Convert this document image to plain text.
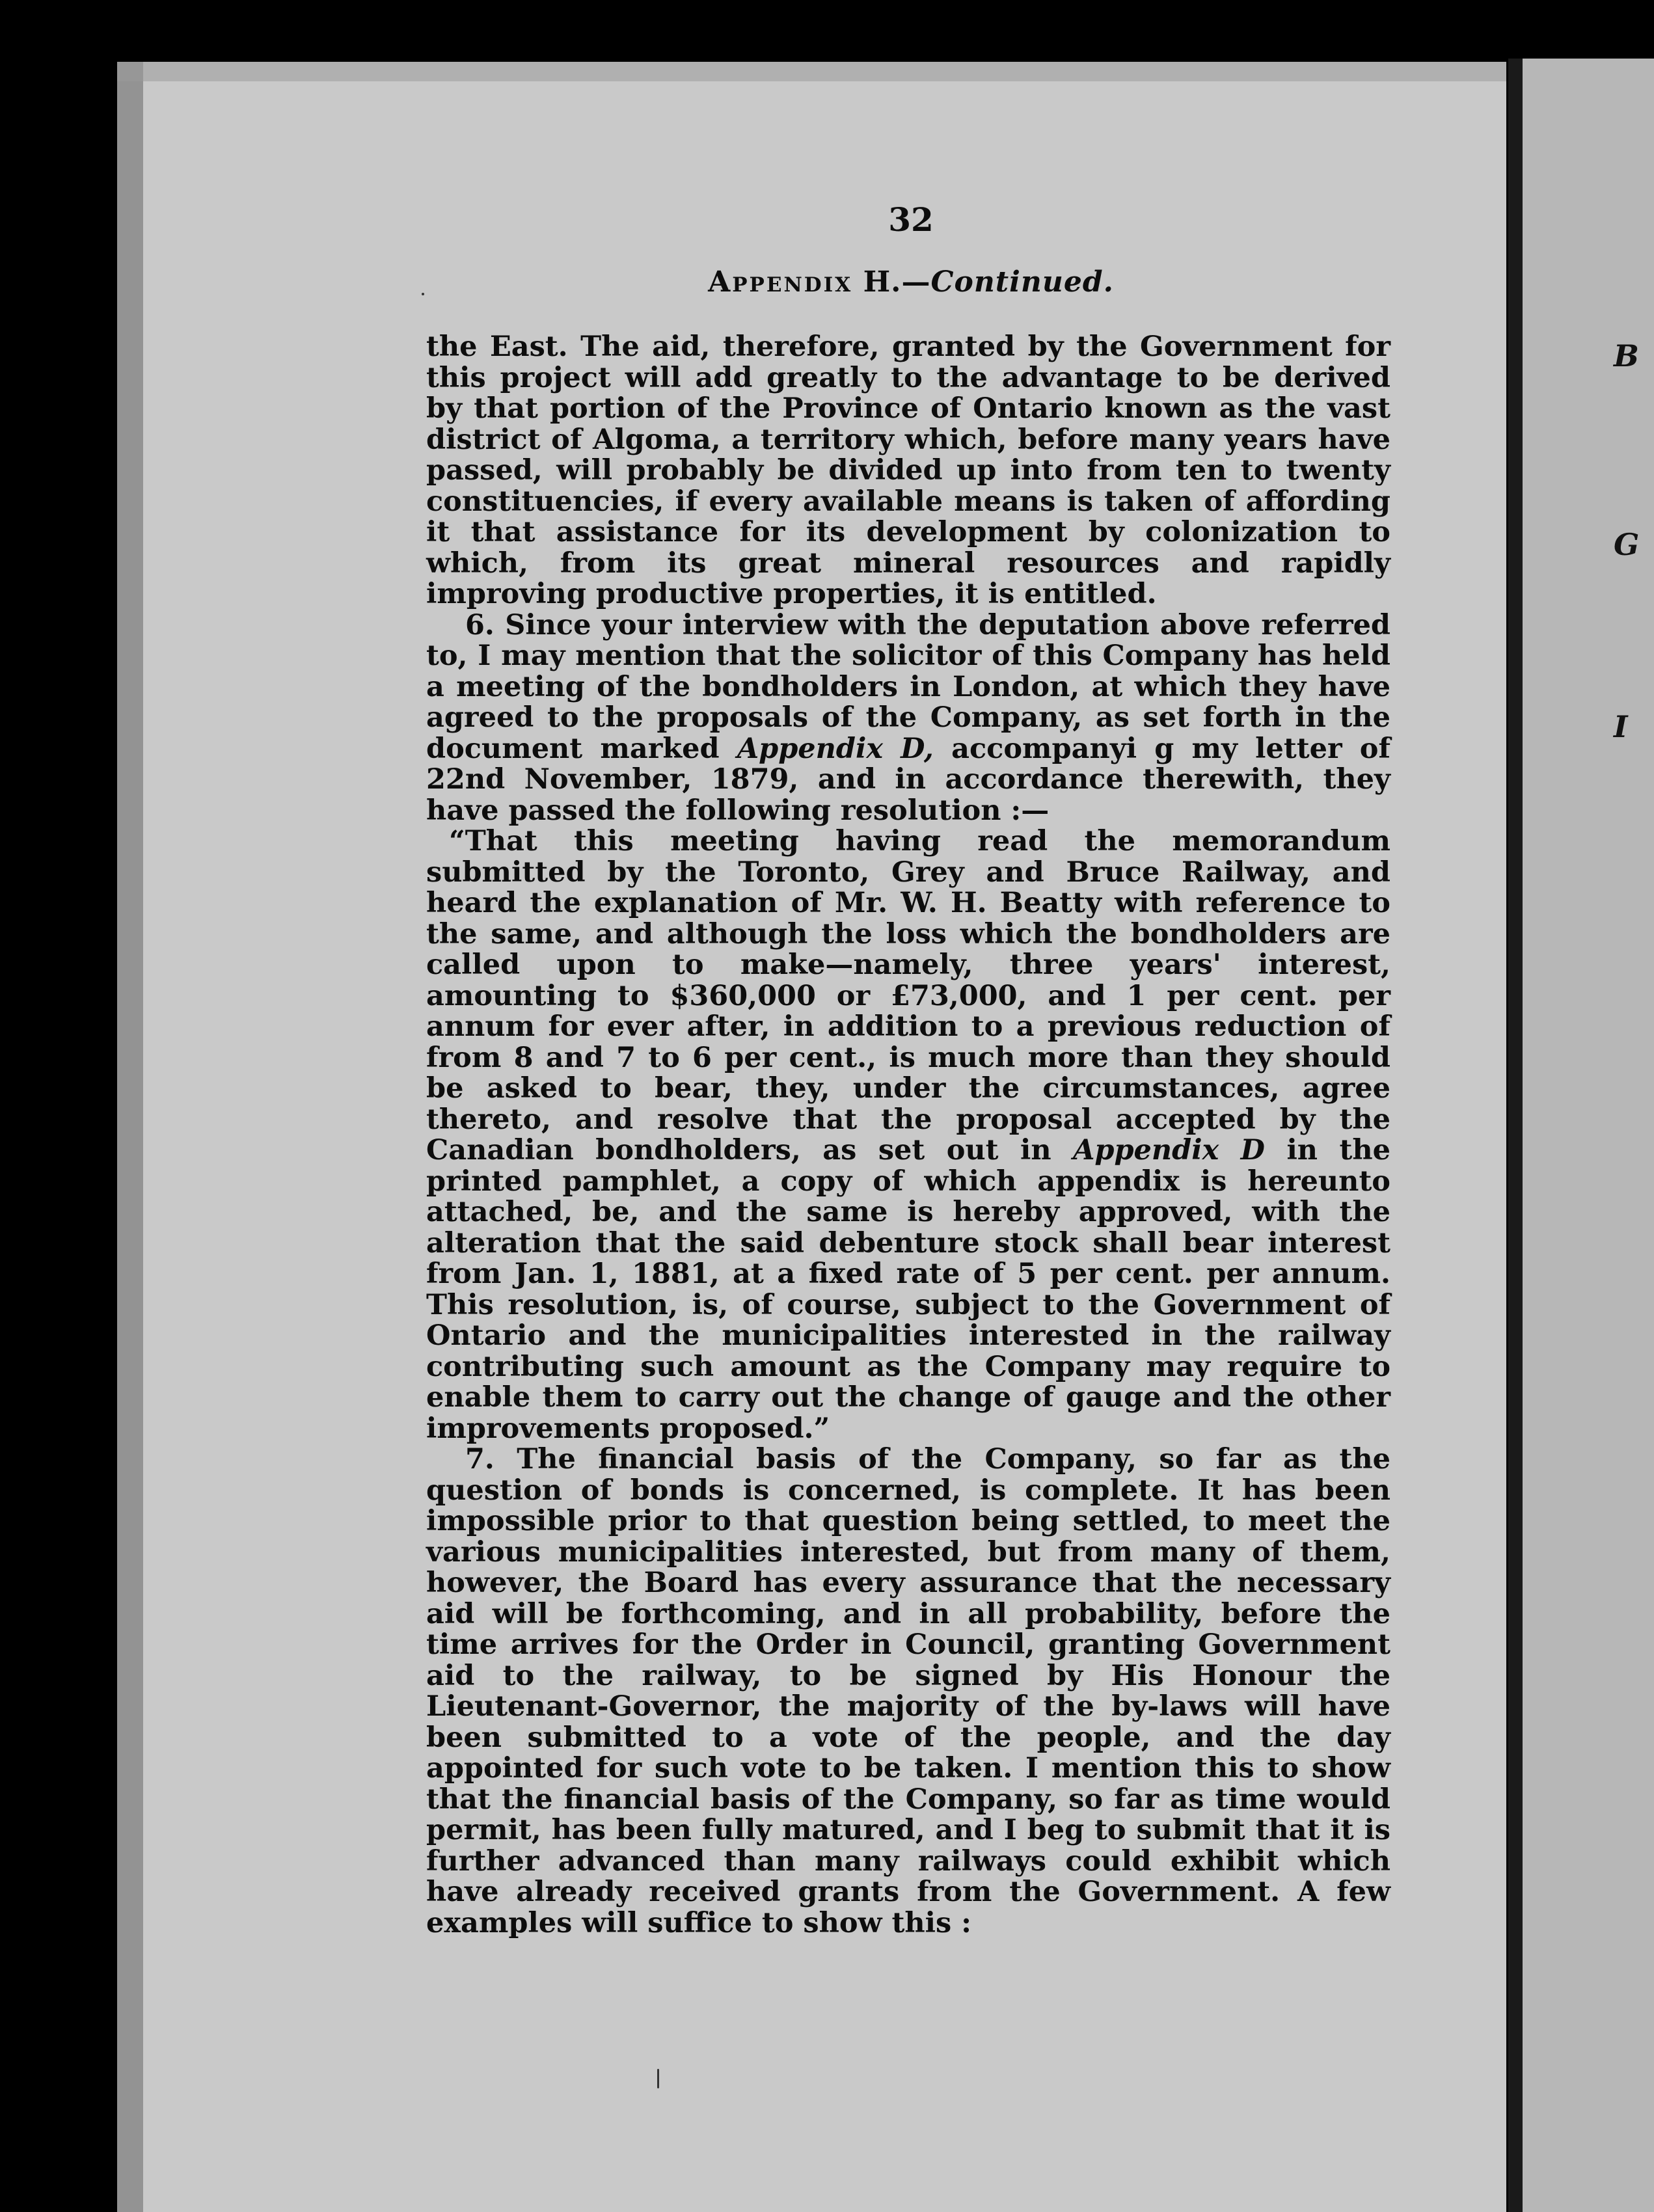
32
Appendix H.—Continued.

the East. The aid, therefore, granted by the Government for this project will add greatly to the advantage to be derived by that portion of the Province of Ontario known as the vast district of Algoma, a territory which, before many years have passed, will probably be divided up into from ten to twenty constituencies, if every available means is taken of affording it that assistance for its development by colonization to which, from its great mineral resources and rapidly improving productive properties, it is entitled.

6. Since your interview with the deputation above referred to, I may mention that the solicitor of this Company has held a meeting of the bondholders in London, at which they have agreed to the proposals of the Company, as set forth in the document marked Appendix D, accompanyi g my letter of 22nd November, 1879, and in accordance therewith, they have passed the following resolution :—

“That this meeting having read the memorandum submitted by the Toronto, Grey and Bruce Railway, and heard the explanation of Mr. W. H. Beatty with reference to the same, and although the loss which the bondholders are called upon to make—namely, three years' interest, amounting to $360,000 or £73,000, and 1 per cent. per annum for ever after, in addition to a previous reduction of from 8 and 7 to 6 per cent., is much more than they should be asked to bear, they, under the circumstances, agree thereto, and resolve that the proposal accepted by the Canadian bondholders, as set out in Appendix D in the printed pamphlet, a copy of which appendix is hereunto attached, be, and the same is hereby approved, with the alteration that the said debenture stock shall bear interest from Jan. 1, 1881, at a fixed rate of 5 per cent. per annum. This resolution, is, of course, subject to the Government of Ontario and the municipalities interested in the railway contributing such amount as the Company may require to enable them to carry out the change of gauge and the other improvements proposed.”

7. The financial basis of the Company, so far as the question of bonds is concerned, is complete. It has been impossible prior to that question being settled, to meet the various municipalities interested, but from many of them, however, the Board has every assurance that the necessary aid will be forthcoming, and in all probability, before the time arrives for the Order in Council, granting Government aid to the railway, to be signed by His Honour the Lieutenant-Governor, the majority of the by-laws will have been submitted to a vote of the people, and the day appointed for such vote to be taken. I mention this to show that the financial basis of the Company, so far as time would permit, has been fully matured, and I beg to submit that it is further advanced than many railways could exhibit which have already received grants from the Government. A few examples will suffice to show this :

B
G
I
